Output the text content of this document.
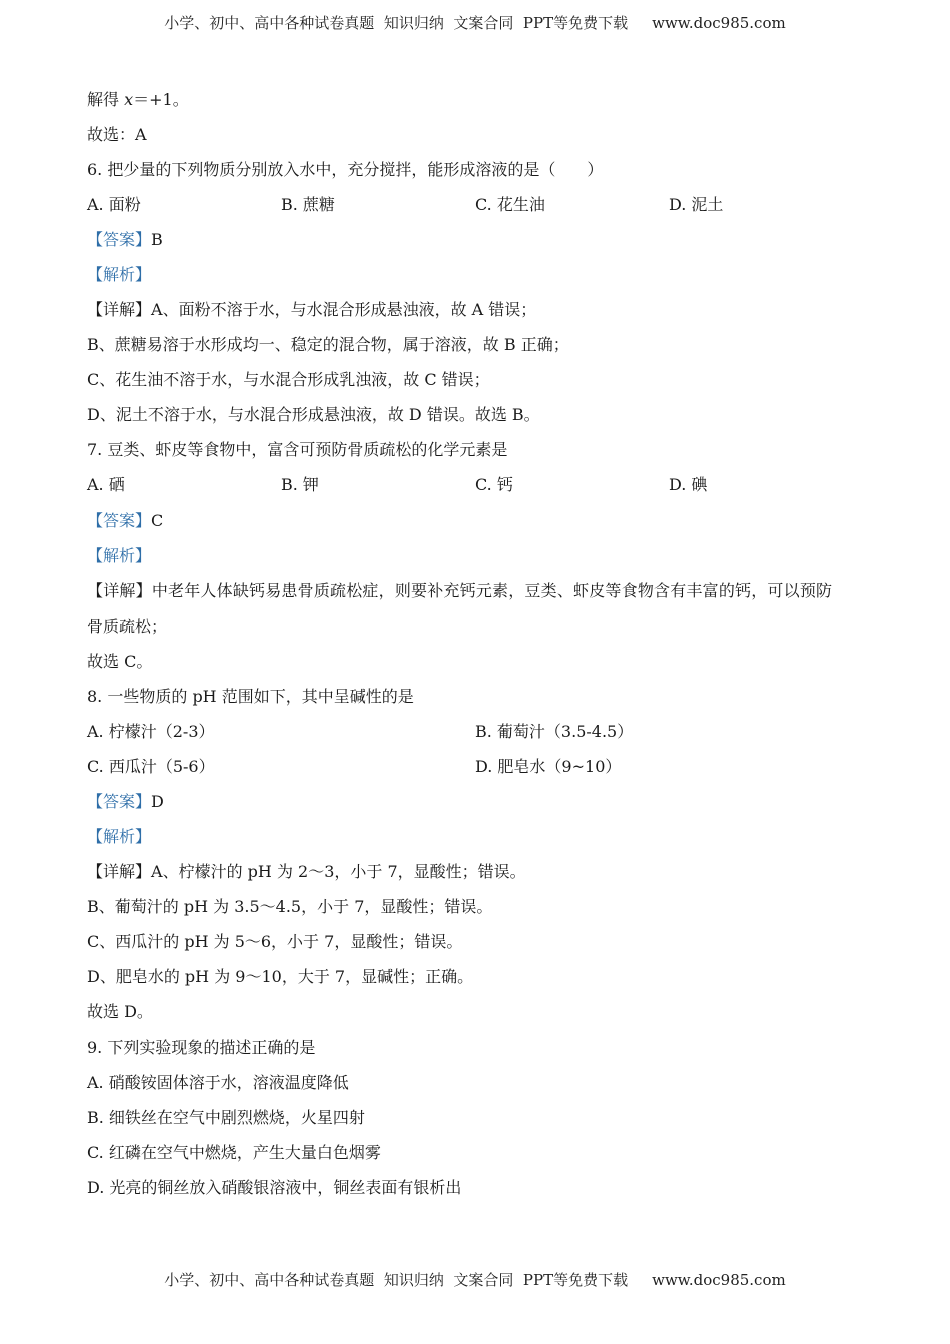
小学、初中、高中各种试卷真题  知识归纳  文案合同  PPT等免费下载 www.doc985.com
解得 x＝+1。
故选：A
6. 把少量的下列物质分别放入水中，充分搅拌，能形成溶液的是（　　）
A. 面粉	B. 蔗糖	C. 花生油	D. 泥土
【答案】B
【解析】
【详解】A、面粉不溶于水，与水混合形成悬浊液，故 A 错误；
B、蔗糖易溶于水形成均一、稳定的混合物，属于溶液，故 B 正确；
C、花生油不溶于水，与水混合形成乳浊液，故 C 错误；
D、泥土不溶于水，与水混合形成悬浊液，故 D 错误。故选 B。
7. 豆类、虾皮等食物中，富含可预防骨质疏松的化学元素是
A. 硒	B. 钾	C. 钙	D. 碘
【答案】C
【解析】
【详解】中老年人体缺钙易患骨质疏松症，则要补充钙元素，豆类、虾皮等食物含有丰富的钙，可以预防
骨质疏松；
故选 C。
8. 一些物质的 pH 范围如下，其中呈碱性的是
A. 柠檬汁（2-3）	B. 葡萄汁（3.5-4.5）
C. 西瓜汁（5-6）	D. 肥皂水（9~10）
【答案】D
【解析】
【详解】A、柠檬汁的 pH 为 2～3，小于 7，显酸性；错误。
B、葡萄汁的 pH 为 3.5～4.5，小于 7，显酸性；错误。
C、西瓜汁的 pH 为 5～6，小于 7，显酸性；错误。
D、肥皂水的 pH 为 9～10，大于 7，显碱性；正确。
故选 D。
9. 下列实验现象的描述正确的是
A. 硝酸铵固体溶于水，溶液温度降低
B. 细铁丝在空气中剧烈燃烧，火星四射
C. 红磷在空气中燃烧，产生大量白色烟雾
D. 光亮的铜丝放入硝酸银溶液中，铜丝表面有银析出
小学、初中、高中各种试卷真题  知识归纳  文案合同  PPT等免费下载 www.doc985.com
